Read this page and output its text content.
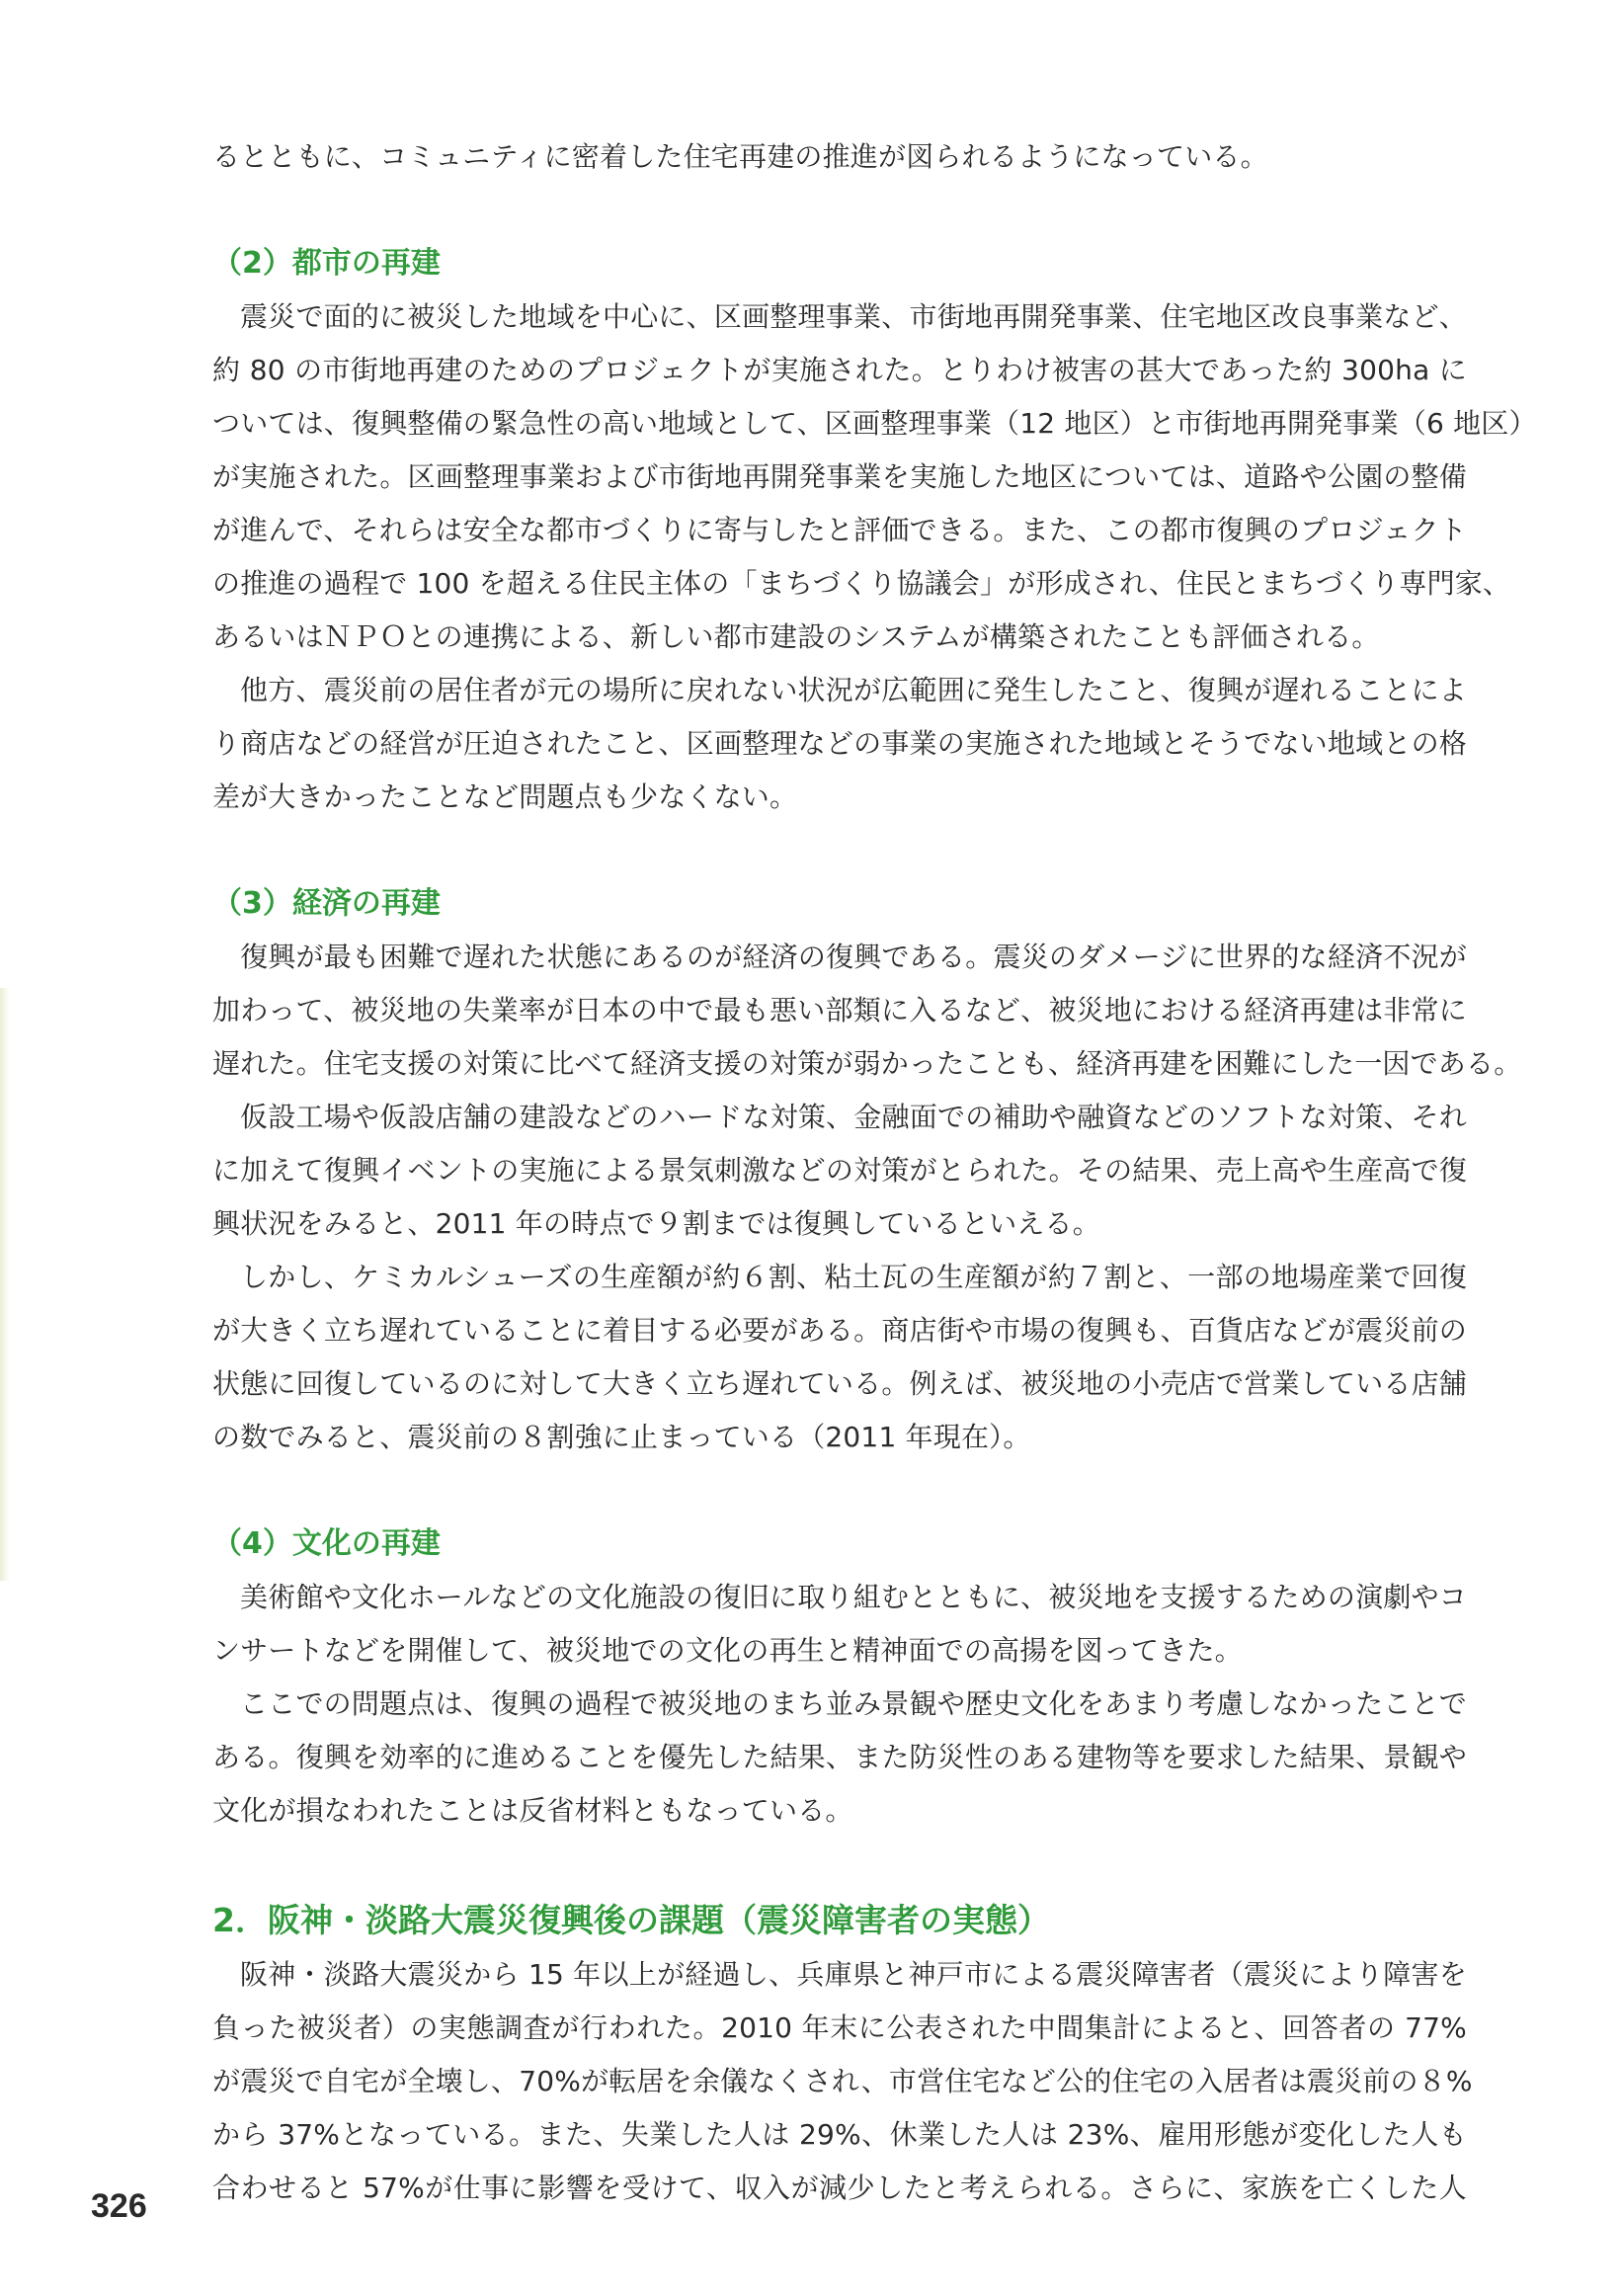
るとともに、コミュニティに密着した住宅再建の推進が図られるようになっている。
（2）都市の再建
震災で面的に被災した地域を中心に、区画整理事業、市街地再開発事業、住宅地区改良事業など、
約 80 の市街地再建のためのプロジェクトが実施された。とりわけ被害の甚大であった約 300ha に
ついては、復興整備の緊急性の高い地域として、区画整理事業（12 地区）と市街地再開発事業（6 地区）
が実施された。区画整理事業および市街地再開発事業を実施した地区については、道路や公園の整備
が進んで、それらは安全な都市づくりに寄与したと評価できる。また、この都市復興のプロジェクト
の推進の過程で 100 を超える住民主体の「まちづくり協議会」が形成され、住民とまちづくり専門家、
あるいはＮＰＯとの連携による、新しい都市建設のシステムが構築されたことも評価される。
他方、震災前の居住者が元の場所に戻れない状況が広範囲に発生したこと、復興が遅れることによ
り商店などの経営が圧迫されたこと、区画整理などの事業の実施された地域とそうでない地域との格
差が大きかったことなど問題点も少なくない。
（3）経済の再建
復興が最も困難で遅れた状態にあるのが経済の復興である。震災のダメージに世界的な経済不況が
加わって、被災地の失業率が日本の中で最も悪い部類に入るなど、被災地における経済再建は非常に
遅れた。住宅支援の対策に比べて経済支援の対策が弱かったことも、経済再建を困難にした一因である。
仮設工場や仮設店舗の建設などのハードな対策、金融面での補助や融資などのソフトな対策、それ
に加えて復興イベントの実施による景気刺激などの対策がとられた。その結果、売上高や生産高で復
興状況をみると、2011 年の時点で９割までは復興しているといえる。
しかし、ケミカルシューズの生産額が約６割、粘土瓦の生産額が約７割と、一部の地場産業で回復
が大きく立ち遅れていることに着目する必要がある。商店街や市場の復興も、百貨店などが震災前の
状態に回復しているのに対して大きく立ち遅れている。例えば、被災地の小売店で営業している店舗
の数でみると、震災前の８割強に止まっている（2011 年現在）。
（4）文化の再建
美術館や文化ホールなどの文化施設の復旧に取り組むとともに、被災地を支援するための演劇やコ
ンサートなどを開催して、被災地での文化の再生と精神面での高揚を図ってきた。
ここでの問題点は、復興の過程で被災地のまち並み景観や歴史文化をあまり考慮しなかったことで
ある。復興を効率的に進めることを優先した結果、また防災性のある建物等を要求した結果、景観や
文化が損なわれたことは反省材料ともなっている。
2．阪神・淡路大震災復興後の課題（震災障害者の実態）
阪神・淡路大震災から 15 年以上が経過し、兵庫県と神戸市による震災障害者（震災により障害を
負った被災者）の実態調査が行われた。2010 年末に公表された中間集計によると、回答者の 77%
が震災で自宅が全壊し、70%が転居を余儀なくされ、市営住宅など公的住宅の入居者は震災前の８%
から 37%となっている。また、失業した人は 29%、休業した人は 23%、雇用形態が変化した人も
合わせると 57%が仕事に影響を受けて、収入が減少したと考えられる。さらに、家族を亡くした人
326
